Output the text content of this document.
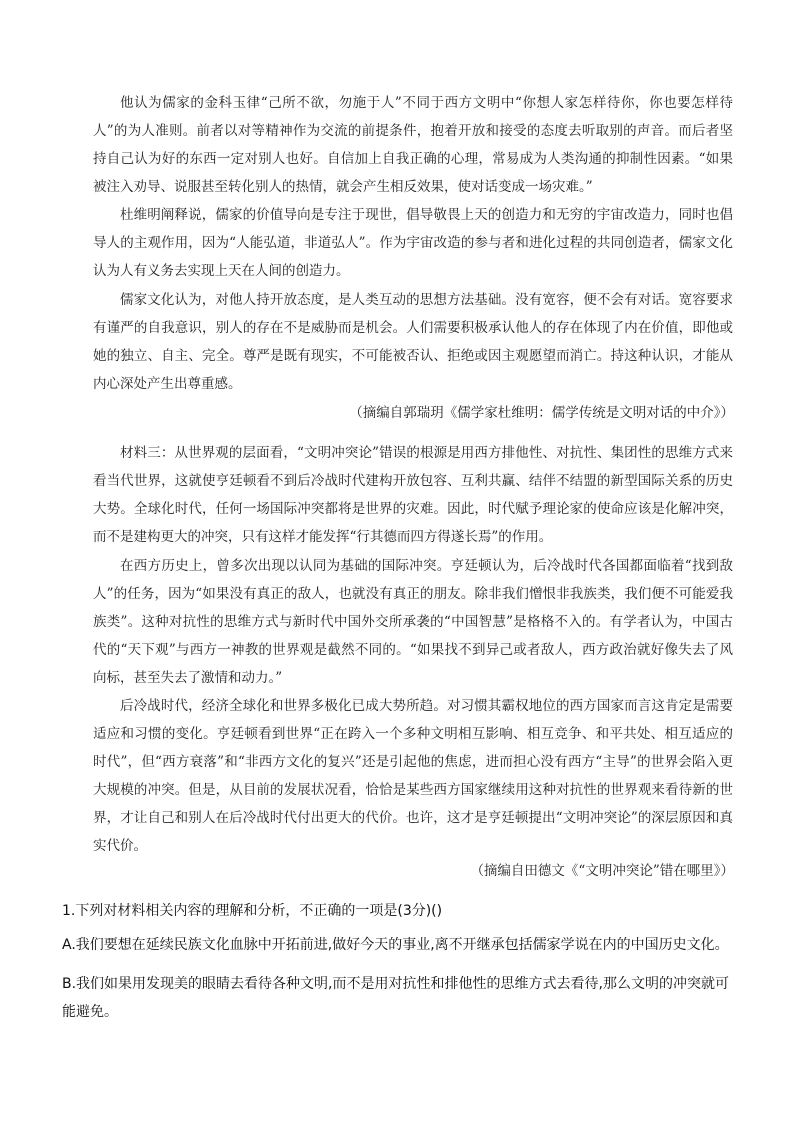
他认为儒家的金科玉律“己所不欲，勿施于人”不同于西方文明中“你想人家怎样待你，你也要怎样待人”的为人准则。前者以对等精神作为交流的前提条件，抱着开放和接受的态度去听取别的声音。而后者坚持自己认为好的东西一定对别人也好。自信加上自我正确的心理，常易成为人类沟通的抑制性因素。“如果被注入劝导、说服甚至转化别人的热情，就会产生相反效果，使对话变成一场灾难。”

杜维明阐释说，儒家的价值导向是专注于现世，倡导敬畏上天的创造力和无穷的宇宙改造力，同时也倡导人的主观作用，因为“人能弘道，非道弘人”。作为宇宙改造的参与者和进化过程的共同创造者，儒家文化认为人有义务去实现上天在人间的创造力。

儒家文化认为，对他人持开放态度，是人类互动的思想方法基础。没有宽容，便不会有对话。宽容要求有谨严的自我意识，别人的存在不是威胁而是机会。人们需要积极承认他人的存在体现了内在价值，即他或她的独立、自主、完全。尊严是既有现实，不可能被否认、拒绝或因主观愿望而消亡。持这种认识，才能从内心深处产生出尊重感。

（摘编自郭瑞玥《儒学家杜维明：儒学传统是文明对话的中介》）

材料三：从世界观的层面看，“文明冲突论”错误的根源是用西方排他性、对抗性、集团性的思维方式来看当代世界，这就使亨廷顿看不到后冷战时代建构开放包容、互利共赢、结伴不结盟的新型国际关系的历史大势。全球化时代，任何一场国际冲突都将是世界的灾难。因此，时代赋予理论家的使命应该是化解冲突，而不是建构更大的冲突，只有这样才能发挥“行其德而四方得遂长焉”的作用。

在西方历史上，曾多次出现以认同为基础的国际冲突。亨廷顿认为，后冷战时代各国都面临着“找到敌人”的任务，因为“如果没有真正的敌人，也就没有真正的朋友。除非我们憎恨非我族类，我们便不可能爱我族类”。这种对抗性的思维方式与新时代中国外交所承袭的“中国智慧”是格格不入的。有学者认为，中国古代的“天下观”与西方一神教的世界观是截然不同的。“如果找不到异己或者敌人，西方政治就好像失去了风向标，甚至失去了激情和动力。”

后冷战时代，经济全球化和世界多极化已成大势所趋。对习惯其霸权地位的西方国家而言这肯定是需要适应和习惯的变化。亨廷顿看到世界“正在跨入一个多种文明相互影响、相互竞争、和平共处、相互适应的时代”，但“西方衰落”和“非西方文化的复兴”还是引起他的焦虑，进而担心没有西方“主导”的世界会陷入更大规模的冲突。但是，从目前的发展状况看，恰恰是某些西方国家继续用这种对抗性的世界观来看待新的世界，才让自己和别人在后冷战时代付出更大的代价。也许，这才是亨廷顿提出“文明冲突论”的深层原因和真实代价。

（摘编自田德文《“文明冲突论”错在哪里》）

1.下列对材料相关内容的理解和分析，不正确的一项是(3分)()

A.我们要想在延续民族文化血脉中开拓前进,做好今天的事业,离不开继承包括儒家学说在内的中国历史文化。

B.我们如果用发现美的眼睛去看待各种文明,而不是用对抗性和排他性的思维方式去看待,那么文明的冲突就可能避免。
